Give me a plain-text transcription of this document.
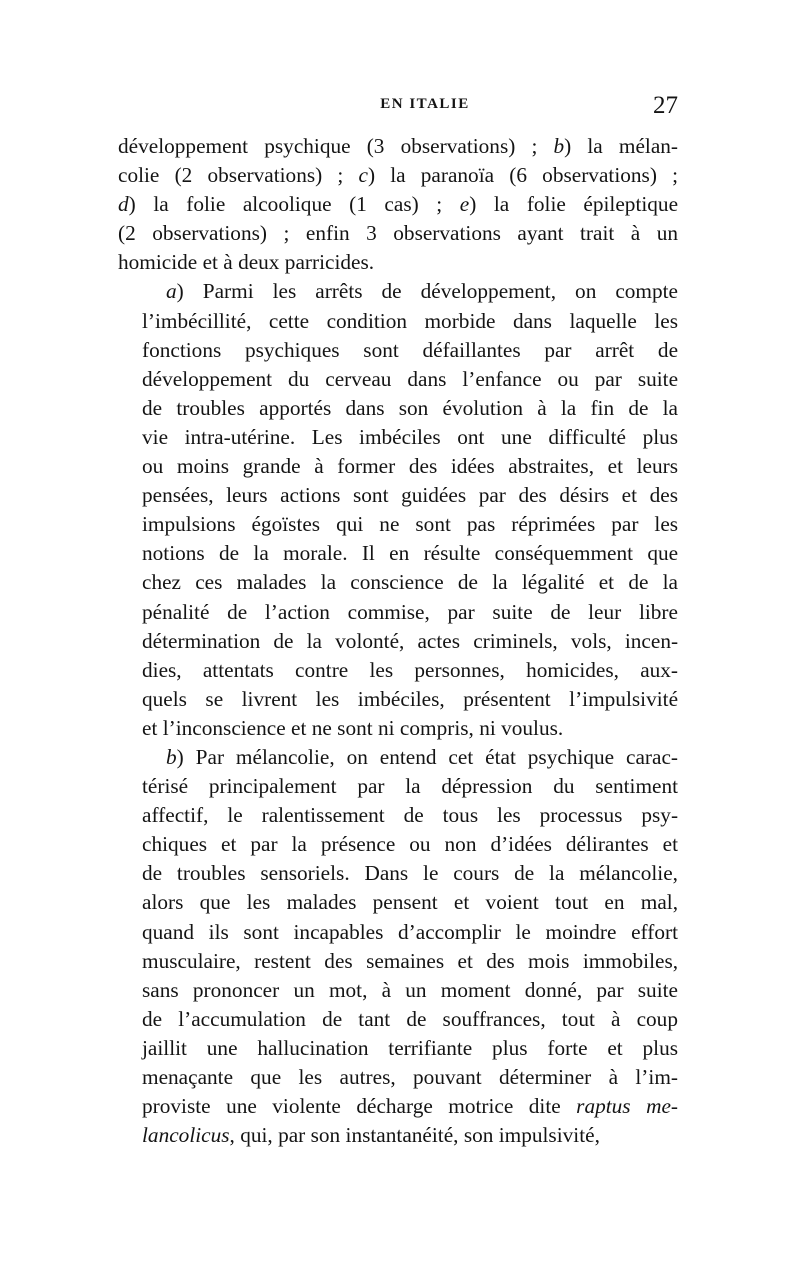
EN ITALIE	27
développement psychique (3 observations) ; b) la mélan-
colie (2 observations) ; c) la paranoïa (6 observations) ;
d) la folie alcoolique (1 cas) ; e) la folie épileptique
(2 observations) ; enfin 3 observations ayant trait à un
homicide et à deux parricides.
a) Parmi les arrêts de développement, on compte
l’imbécillité, cette condition morbide dans laquelle les
fonctions psychiques sont défaillantes par arrêt de
développement du cerveau dans l’enfance ou par suite
de troubles apportés dans son évolution à la fin de la
vie intra-utérine. Les imbéciles ont une difficulté plus
ou moins grande à former des idées abstraites, et leurs
pensées, leurs actions sont guidées par des désirs et des
impulsions égoïstes qui ne sont pas réprimées par les
notions de la morale. Il en résulte conséquemment que
chez ces malades la conscience de la légalité et de la
pénalité de l’action commise, par suite de leur libre
détermination de la volonté, actes criminels, vols, incen-
dies, attentats contre les personnes, homicides, aux-
quels se livrent les imbéciles, présentent l’impulsivité
et l’inconscience et ne sont ni compris, ni voulus.
b) Par mélancolie, on entend cet état psychique carac-
térisé principalement par la dépression du sentiment
affectif, le ralentissement de tous les processus psy-
chiques et par la présence ou non d’idées délirantes et
de troubles sensoriels. Dans le cours de la mélancolie,
alors que les malades pensent et voient tout en mal,
quand ils sont incapables d’accomplir le moindre effort
musculaire, restent des semaines et des mois immobiles,
sans prononcer un mot, à un moment donné, par suite
de l’accumulation de tant de souffrances, tout à coup
jaillit une hallucination terrifiante plus forte et plus
menaçante que les autres, pouvant déterminer à l’im-
proviste une violente décharge motrice dite raptus me-
lancolicus, qui, par son instantanéité, son impulsivité,
